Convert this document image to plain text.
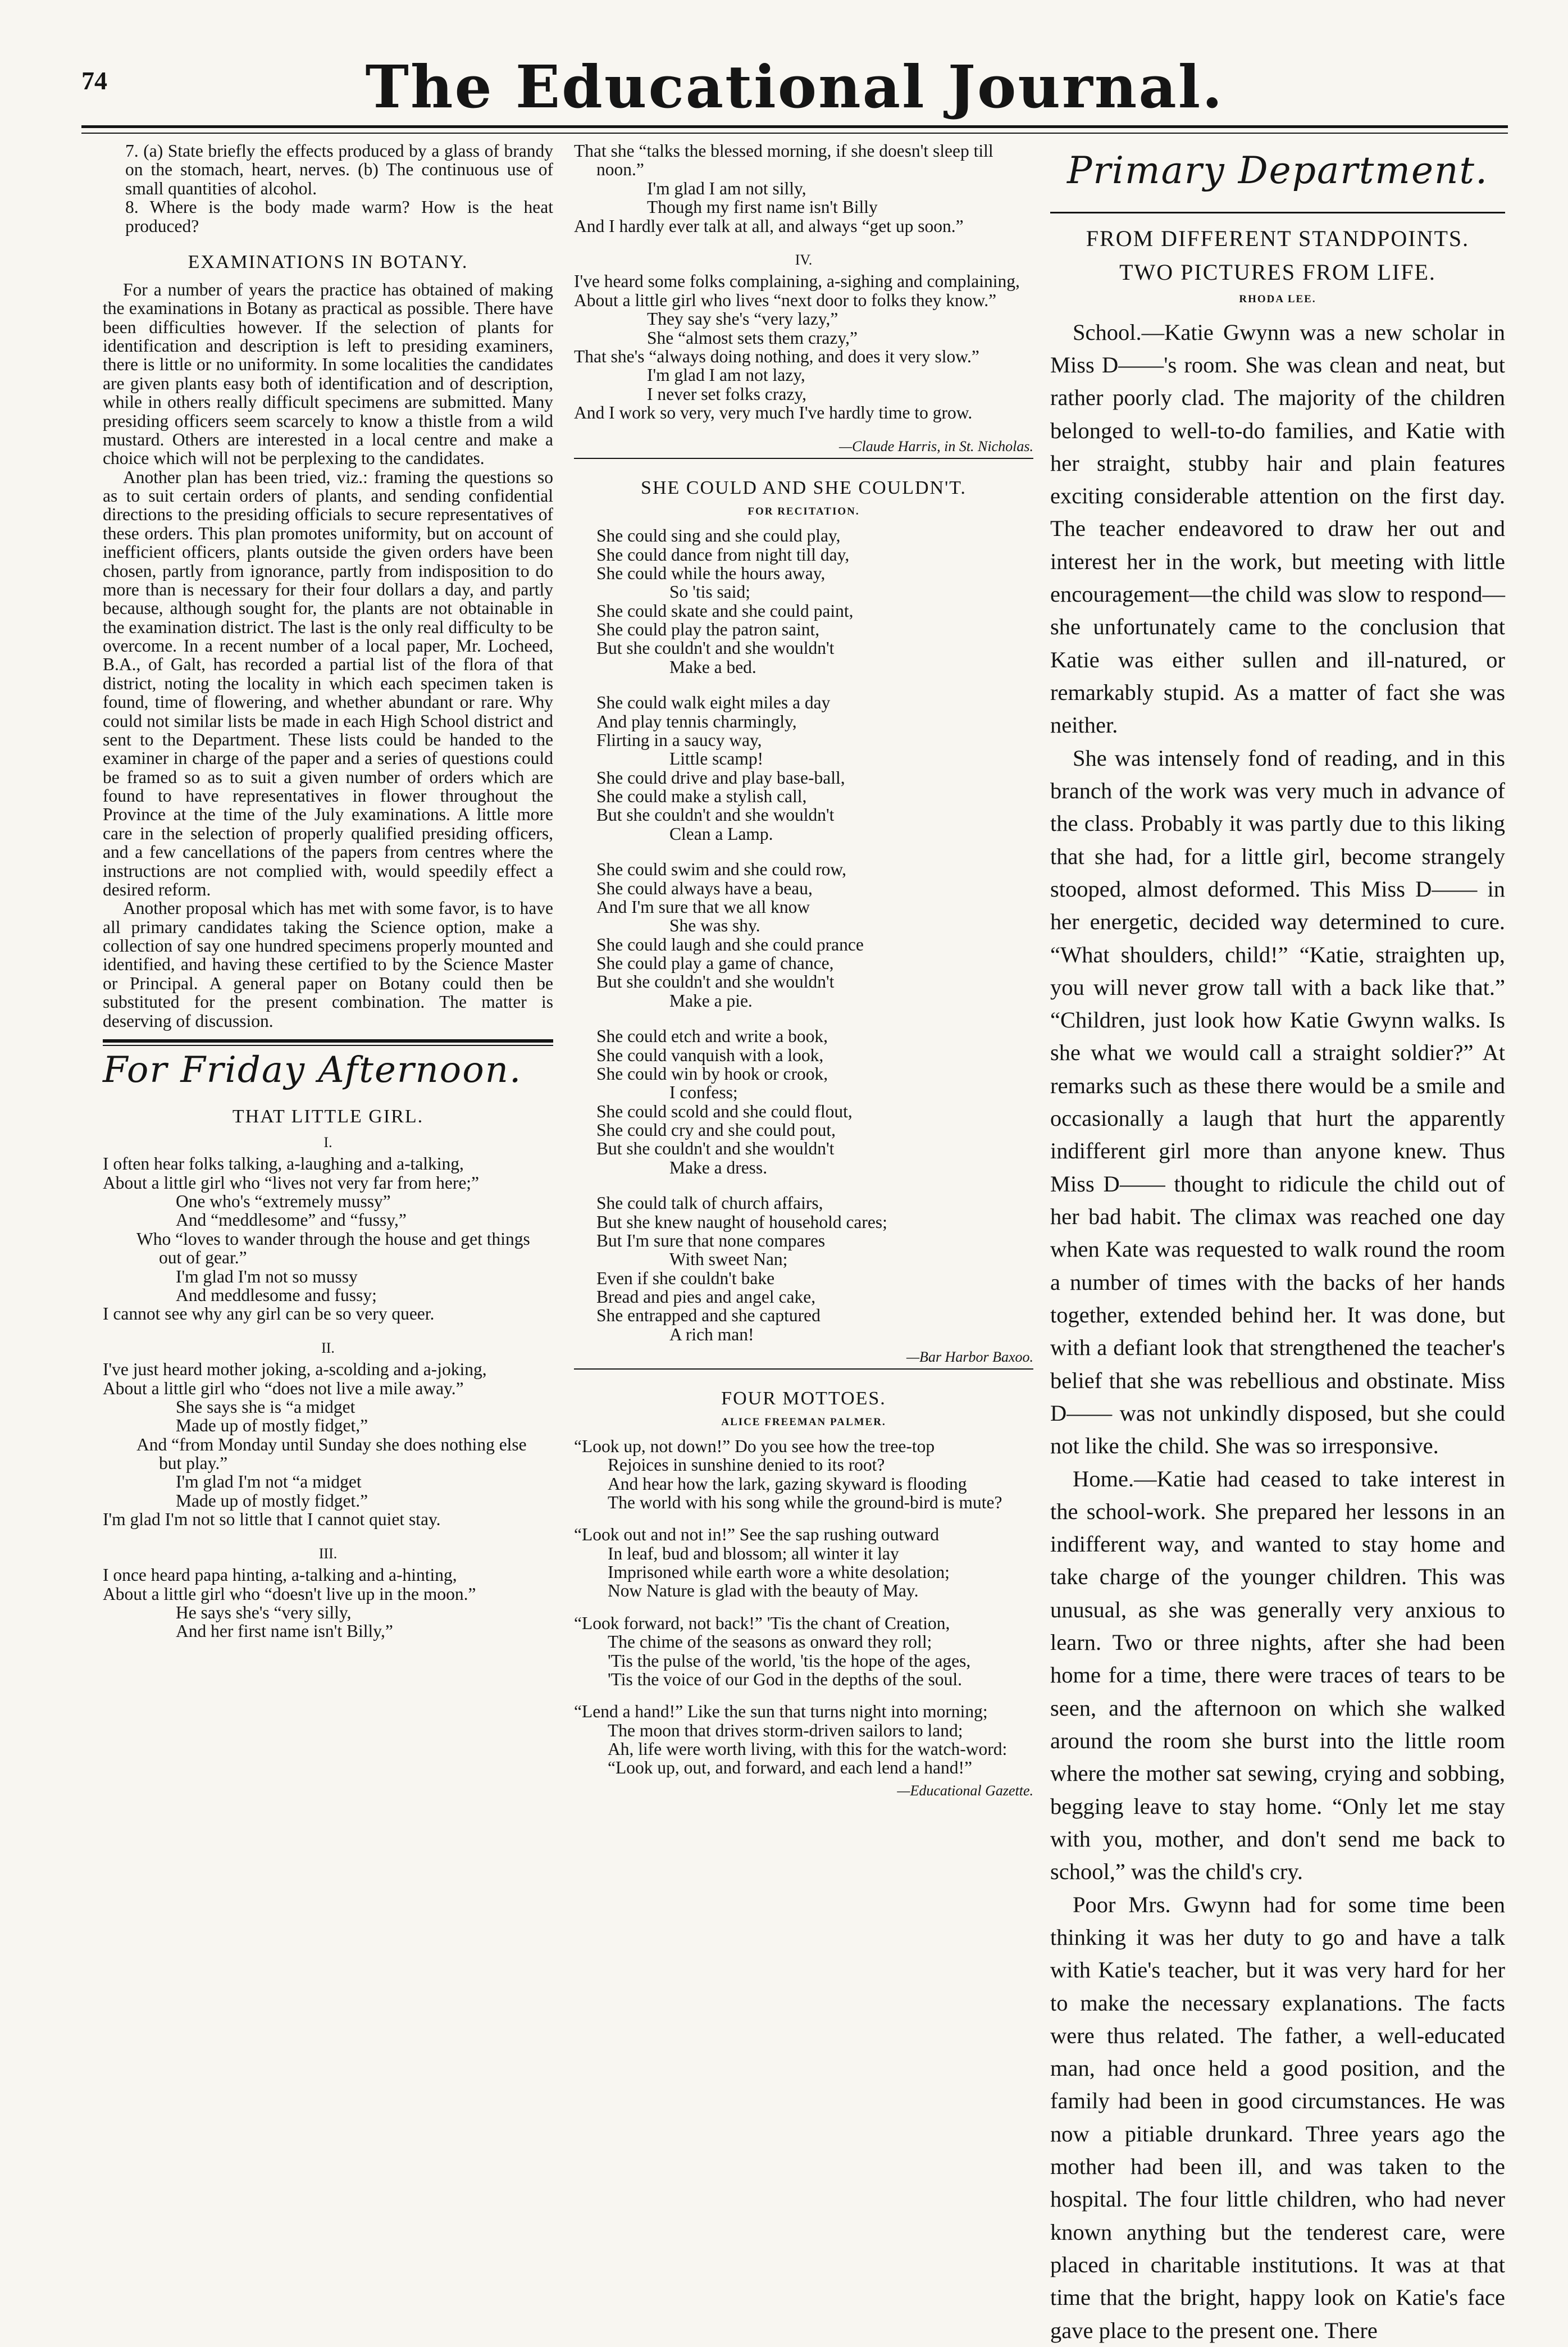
74	The Educational Journal.

7. (a) State briefly the effects produced by a glass of brandy on the stomach, heart, nerves. (b) The continuous use of small quantities of alcohol.

8. Where is the body made warm? How is the heat produced?

EXAMINATIONS IN BOTANY.

For a number of years the practice has obtained of making the examinations in Botany as practical as possible. There have been difficulties however. If the selection of plants for identification and description is left to presiding examiners, there is little or no uniformity. In some localities the candidates are given plants easy both of identification and of description, while in others really difficult specimens are submitted. Many presiding officers seem scarcely to know a thistle from a wild mustard. Others are interested in a local centre and make a choice which will not be perplexing to the candidates.

Another plan has been tried, viz.: framing the questions so as to suit certain orders of plants, and sending confidential directions to the presiding officials to secure representatives of these orders. This plan promotes uniformity, but on account of inefficient officers, plants outside the given orders have been chosen, partly from ignorance, partly from indisposition to do more than is necessary for their four dollars a day, and partly because, although sought for, the plants are not obtainable in the examination district. The last is the only real difficulty to be overcome. In a recent number of a local paper, Mr. Locheed, B.A., of Galt, has recorded a partial list of the flora of that district, noting the locality in which each specimen taken is found, time of flowering, and whether abundant or rare. Why could not similar lists be made in each High School district and sent to the Department. These lists could be handed to the examiner in charge of the paper and a series of questions could be framed so as to suit a given number of orders which are found to have representatives in flower throughout the Province at the time of the July examinations. A little more care in the selection of properly qualified presiding officers, and a few cancellations of the papers from centres where the instructions are not complied with, would speedily effect a desired reform.

Another proposal which has met with some favor, is to have all primary candidates taking the Science option, make a collection of say one hundred specimens properly mounted and identified, and having these certified to by the Science Master or Principal. A general paper on Botany could then be substituted for the present combination. The matter is deserving of discussion.

For Friday Afternoon.
THAT LITTLE GIRL.
I.
I often hear folks talking, a-laughing and a-talking,
About a little girl who “lives not very far from here;”
One who's “extremely mussy”
And “meddlesome” and “fussy,”
Who “loves to wander through the house and get things out of gear.”
I'm glad I'm not so mussy
And meddlesome and fussy;
I cannot see why any girl can be so very queer.
II.
I've just heard mother joking, a-scolding and a-joking,
About a little girl who “does not live a mile away.”
She says she is “a midget
Made up of mostly fidget,”
And “from Monday until Sunday she does nothing else but play.”
I'm glad I'm not “a midget
Made up of mostly fidget.”
I'm glad I'm not so little that I cannot quiet stay.
III.
I once heard papa hinting, a-talking and a-hinting,
About a little girl who “doesn't live up in the moon.”
He says she's “very silly,
And her first name isn't Billy,”
That she “talks the blessed morning, if she doesn't sleep till noon.”
I'm glad I am not silly,
Though my first name isn't Billy
And I hardly ever talk at all, and always “get up soon.”
IV.
I've heard some folks complaining, a-sighing and complaining,
About a little girl who lives “next door to folks they know.”
They say she's “very lazy,”
She “almost sets them crazy,”
That she's “always doing nothing, and does it very slow.”
I'm glad I am not lazy,
I never set folks crazy,
And I work so very, very much I've hardly time to grow.
—Claude Harris, in St. Nicholas.
SHE COULD AND SHE COULDN'T.
FOR RECITATION.
She could sing and she could play,
She could dance from night till day,
She could while the hours away,
So 'tis said;
She could skate and she could paint,
She could play the patron saint,
But she couldn't and she wouldn't
Make a bed.
She could walk eight miles a day
And play tennis charmingly,
Flirting in a saucy way,
Little scamp!
She could drive and play base-ball,
She could make a stylish call,
But she couldn't and she wouldn't
Clean a Lamp.
She could swim and she could row,
She could always have a beau,
And I'm sure that we all know
She was shy.
She could laugh and she could prance
She could play a game of chance,
But she couldn't and she wouldn't
Make a pie.
She could etch and write a book,
She could vanquish with a look,
She could win by hook or crook,
I confess;
She could scold and she could flout,
She could cry and she could pout,
But she couldn't and she wouldn't
Make a dress.
She could talk of church affairs,
But she knew naught of household cares;
But I'm sure that none compares
With sweet Nan;
Even if she couldn't bake
Bread and pies and angel cake,
She entrapped and she captured
A rich man!
—Bar Harbor Baxoo.
FOUR MOTTOES.
ALICE FREEMAN PALMER.
“Look up, not down!” Do you see how the tree-top
Rejoices in sunshine denied to its root?
And hear how the lark, gazing skyward is flooding
The world with his song while the ground-bird is mute?
“Look out and not in!” See the sap rushing outward
In leaf, bud and blossom; all winter it lay
Imprisoned while earth wore a white desolation;
Now Nature is glad with the beauty of May.
“Look forward, not back!” 'Tis the chant of Creation,
The chime of the seasons as onward they roll;
'Tis the pulse of the world, 'tis the hope of the ages,
'Tis the voice of our God in the depths of the soul.
“Lend a hand!” Like the sun that turns night into morning;
The moon that drives storm-driven sailors to land;
Ah, life were worth living, with this for the watch-word:
“Look up, out, and forward, and each lend a hand!”
—Educational Gazette.
Primary Department.
FROM DIFFERENT STANDPOINTS.
TWO PICTURES FROM LIFE.
RHODA LEE.

School.—Katie Gwynn was a new scholar in Miss D——'s room. She was clean and neat, but rather poorly clad. The majority of the children belonged to well-to-do families, and Katie with her straight, stubby hair and plain features exciting considerable attention on the first day. The teacher endeavored to draw her out and interest her in the work, but meeting with little encouragement—the child was slow to respond—she unfortunately came to the conclusion that Katie was either sullen and ill-natured, or remarkably stupid. As a matter of fact she was neither.

She was intensely fond of reading, and in this branch of the work was very much in advance of the class. Probably it was partly due to this liking that she had, for a little girl, become strangely stooped, almost deformed. This Miss D—— in her energetic, decided way determined to cure. “What shoulders, child!” “Katie, straighten up, you will never grow tall with a back like that.” “Children, just look how Katie Gwynn walks. Is she what we would call a straight soldier?” At remarks such as these there would be a smile and occasionally a laugh that hurt the apparently indifferent girl more than anyone knew. Thus Miss D—— thought to ridicule the child out of her bad habit. The climax was reached one day when Kate was requested to walk round the room a number of times with the backs of her hands together, extended behind her. It was done, but with a defiant look that strengthened the teacher's belief that she was rebellious and obstinate. Miss D—— was not unkindly disposed, but she could not like the child. She was so irresponsive.

Home.—Katie had ceased to take interest in the school-work. She prepared her lessons in an indifferent way, and wanted to stay home and take charge of the younger children. This was unusual, as she was generally very anxious to learn. Two or three nights, after she had been home for a time, there were traces of tears to be seen, and the afternoon on which she walked around the room she burst into the little room where the mother sat sewing, crying and sobbing, begging leave to stay home. “Only let me stay with you, mother, and don't send me back to school,” was the child's cry.

Poor Mrs. Gwynn had for some time been thinking it was her duty to go and have a talk with Katie's teacher, but it was very hard for her to make the necessary explanations. The facts were thus related. The father, a well-educated man, had once held a good position, and the family had been in good circumstances. He was now a pitiable drunkard. Three years ago the mother had been ill, and was taken to the hospital. The four little children, who had never known anything but the tenderest care, were placed in charitable institutions. It was at that time that the bright, happy look on Katie's face gave place to the present one. There
